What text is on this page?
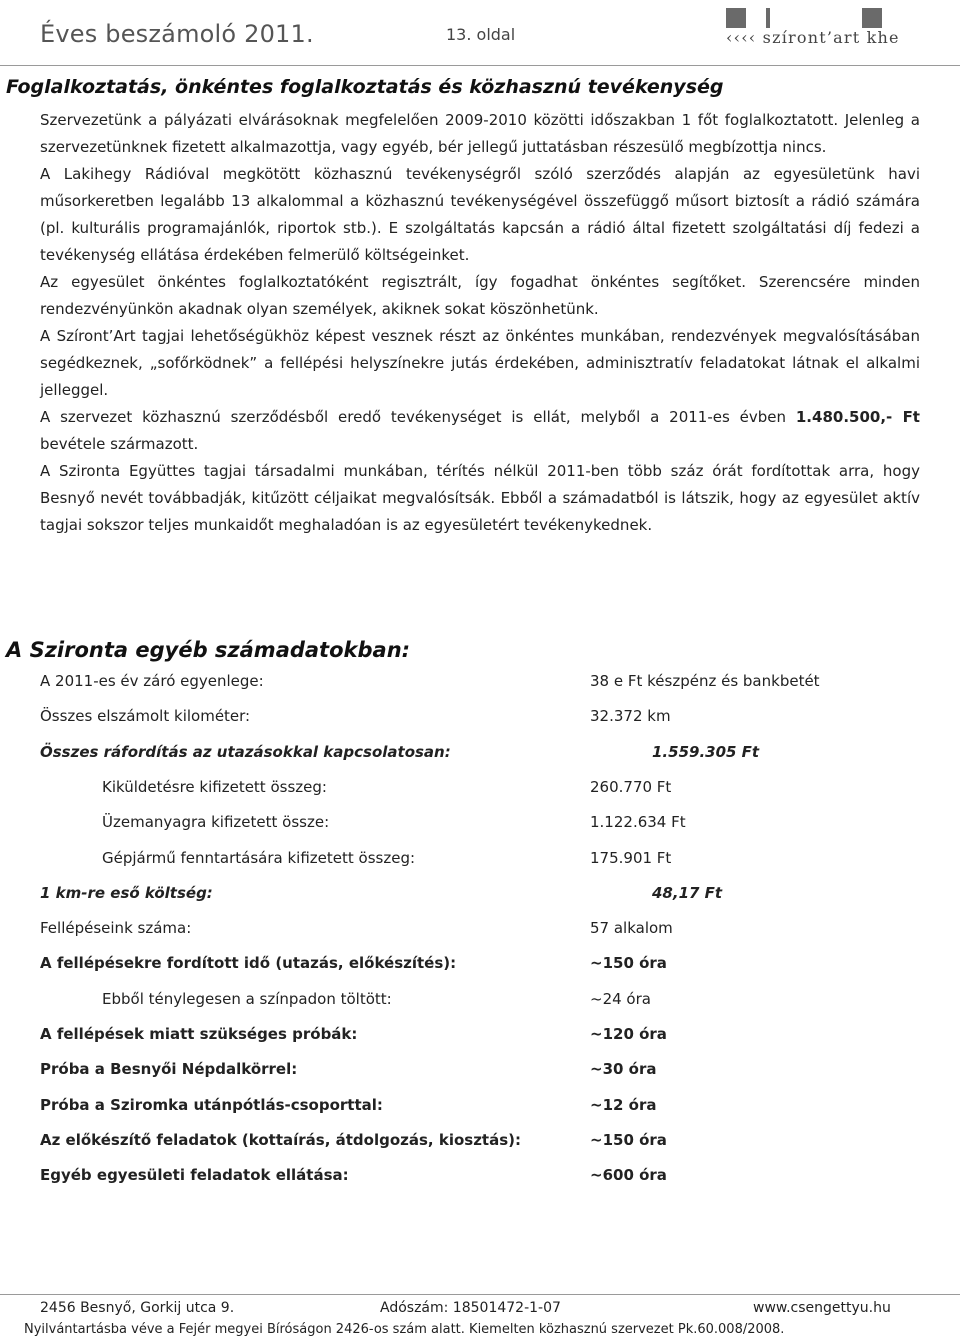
Éves beszámoló 2011.	13. oldal	‹‹‹‹ szíront’art khe
Foglalkoztatás, önkéntes foglalkoztatás és közhasznú tevékenység

Szervezetünk a pályázati elvárásoknak megfelelően 2009-2010 közötti időszakban 1 főt foglalkoztatott. Jelenleg a szervezetünknek fizetett alkalmazottja, vagy egyéb, bér jellegű juttatásban részesülő megbízottja nincs.

A Lakihegy Rádióval megkötött közhasznú tevékenységről szóló szerződés alapján az egyesületünk havi műsorkeretben legalább 13 alkalommal a közhasznú tevékenységével összefüggő műsort biztosít a rádió számára (pl. kulturális programajánlók, riportok stb.). E szolgáltatás kapcsán a rádió által fizetett szolgáltatási díj fedezi a tevékenység ellátása érdekében felmerülő költségeinket.

Az egyesület önkéntes foglalkoztatóként regisztrált, így fogadhat önkéntes segítőket. Szerencsére minden rendezvényünkön akadnak olyan személyek, akiknek sokat köszönhetünk.

A Szíront’Art tagjai lehetőségükhöz képest vesznek részt az önkéntes munkában, rendezvények megvalósításában segédkeznek, „sofőrködnek” a fellépési helyszínekre jutás érdekében, adminisztratív feladatokat látnak el alkalmi jelleggel.

A szervezet közhasznú szerződésből eredő tevékenységet is ellát, melyből a 2011-es évben 1.480.500,- Ft bevétele származott.

A Szironta Együttes tagjai társadalmi munkában, térítés nélkül 2011-ben több száz órát fordítottak arra, hogy Besnyő nevét továbbadják, kitűzött céljaikat megvalósítsák. Ebből a számadatból is látszik, hogy az egyesület aktív tagjai sokszor teljes munkaidőt meghaladóan is az egyesületért tevékenykednek.

A Szironta egyéb számadatokban:
A 2011-es év záró egyenlege:	38 e Ft készpénz és bankbetét
Összes elszámolt kilométer:	32.372 km
Összes ráfordítás az utazásokkal kapcsolatosan:	1.559.305 Ft
Kiküldetésre kifizetett összeg:	260.770 Ft
Üzemanyagra kifizetett össze:	1.122.634 Ft
Gépjármű fenntartására kifizetett összeg:	175.901 Ft
1 km-re eső költség:	48,17 Ft
Fellépéseink száma:	57 alkalom
A fellépésekre fordított idő (utazás, előkészítés):	~150 óra
Ebből ténylegesen a színpadon töltött:	~24 óra
A fellépések miatt szükséges próbák:	~120 óra
Próba a Besnyői Népdalkörrel:	~30 óra
Próba a Sziromka utánpótlás-csoporttal:	~12 óra
Az előkészítő feladatok (kottaírás, átdolgozás, kiosztás):	~150 óra
Egyéb egyesületi feladatok ellátása:	~600 óra
2456 Besnyő, Gorkij utca 9.	Adószám: 18501472-1-07	www.csengettyu.hu
Nyilvántartásba véve a Fejér megyei Bíróságon 2426-os szám alatt. Kiemelten közhasznú szervezet Pk.60.008/2008.
